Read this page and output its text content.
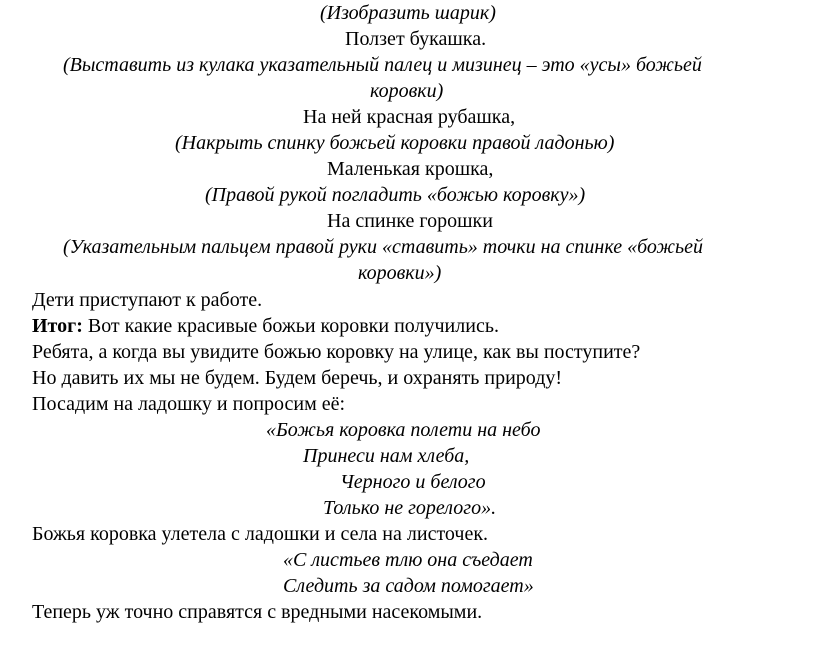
(Изобразить шарик)
Ползет букашка.
(Выставить из кулака указательный палец и мизинец – это «усы» божьей
коровки)
На ней красная рубашка,
(Накрыть спинку божьей коровки правой ладонью)
Маленькая крошка,
(Правой рукой погладить «божью коровку»)
На спинке горошки
(Указательным пальцем правой руки «ставить» точки на спинке «божьей
коровки»)
Дети приступают к работе.
Итог: Вот какие красивые божьи коровки получились.
Ребята, а когда вы увидите божью коровку на улице, как вы поступите?
Но давить их мы не будем. Будем беречь, и охранять природу!
Посадим на ладошку и попросим её:
«Божья коровка полети на небо
Принеси нам хлеба,
Черного и белого
Только не горелого».
Божья коровка улетела с ладошки и села на листочек.
«С листьев тлю она съедает
Следить за садом помогает»
Теперь уж точно справятся с вредными насекомыми.
